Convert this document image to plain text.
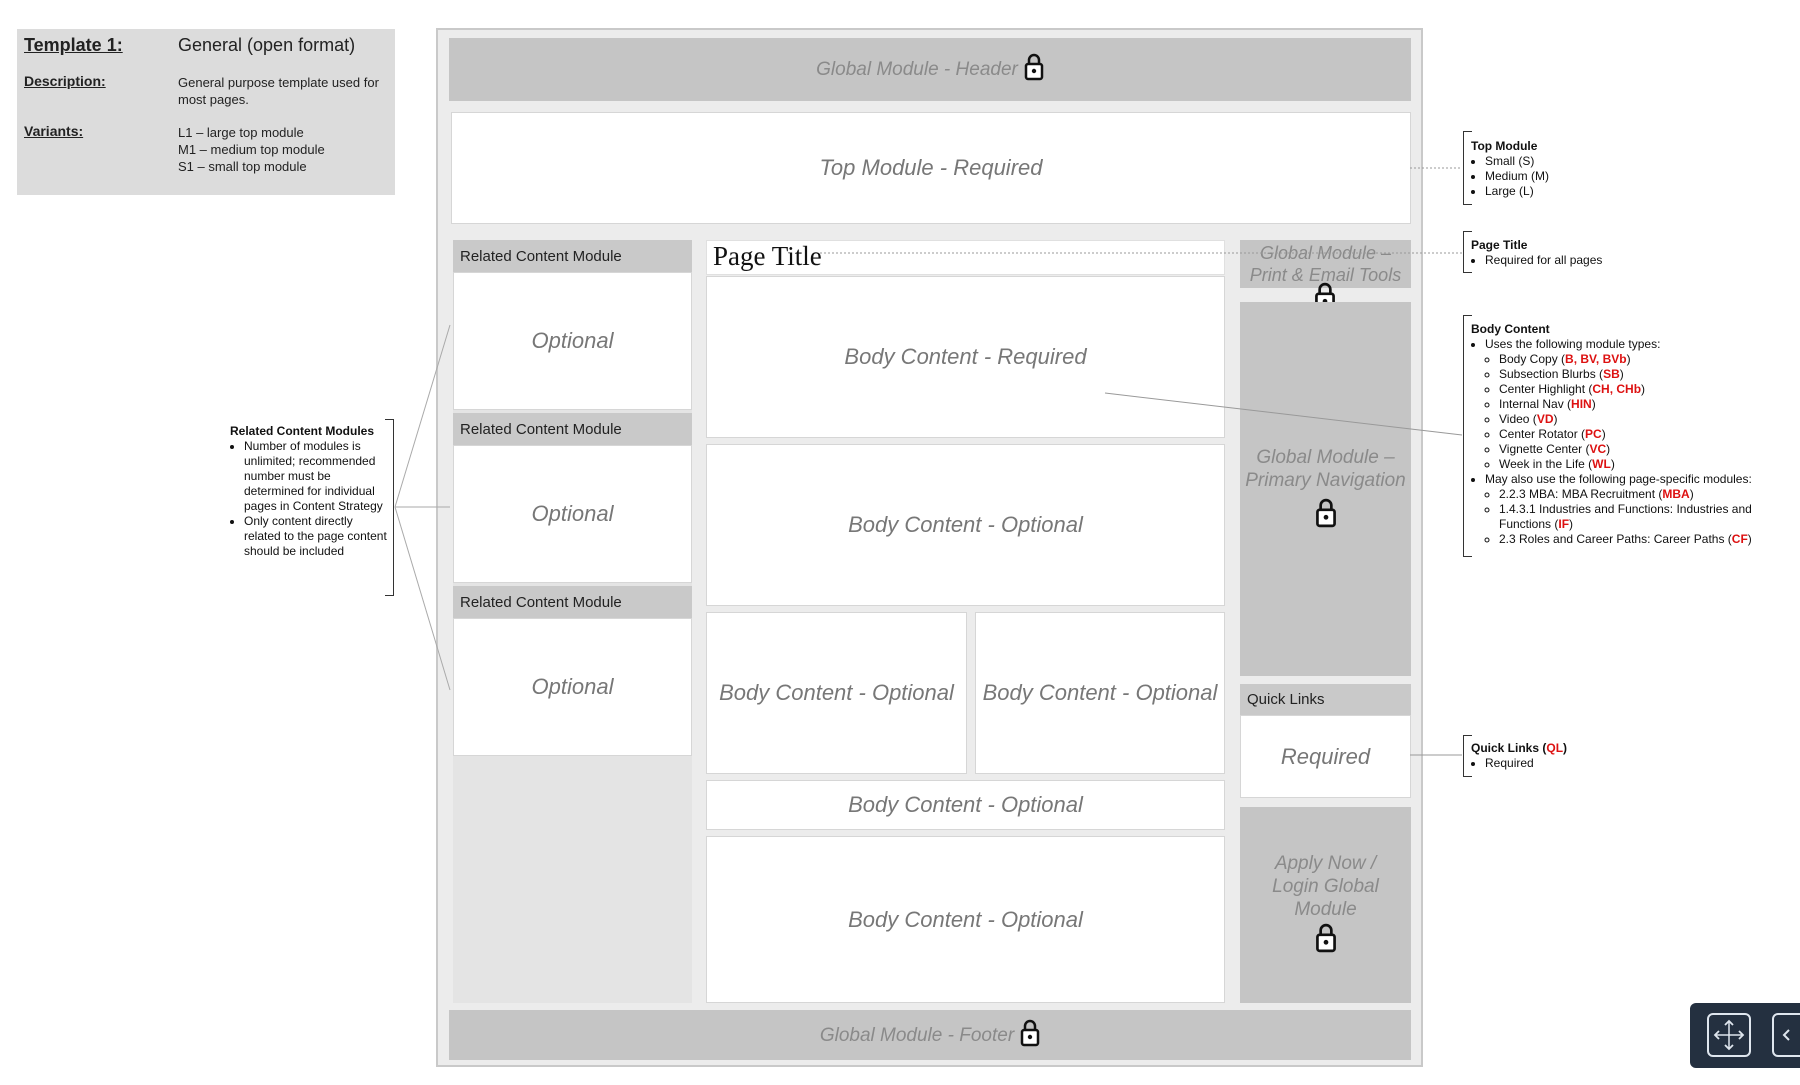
Template 1:	General (open format)
Description:	General purpose template used for most pages.
Variants:	L1 – large top module
M1 – medium top module
S1 – small top module
Global Module - Header
Top Module - Required
Related Content Module
Optional
Related Content Module
Optional
Related Content Module
Optional
Page Title
Body Content - Required
Body Content - Optional
Body Content - Optional Body Content - Optional
Body Content - Optional
Body Content - Optional
Global Module – Print & Email Tools
Global Module – Primary Navigation
Quick Links
Required
Apply Now / Login Global Module
Global Module - Footer
Top Module
• Small (S)
• Medium (M)
• Large (L)
Page Title
• Required for all pages
Body Content
• Uses the following module types:
◦ Body Copy (B, BV, BVb)
◦ Subsection Blurbs (SB)
◦ Center Highlight (CH, CHb)
◦ Internal Nav (HIN)
◦ Video (VD)
◦ Center Rotator (PC)
◦ Vignette Center (VC)
◦ Week in the Life (WL)
• May also use the following page-specific modules:
◦ 2.2.3 MBA: MBA Recruitment (MBA)
◦ 1.4.3.1 Industries and Functions: Industries and Functions (IF)
◦ 2.3 Roles and Career Paths: Career Paths (CF)
Quick Links (QL)
• Required
Related Content Modules
• Number of modules is unlimited; recommended number must be determined for individual pages in Content Strategy
• Only content directly related to the page content should be included
